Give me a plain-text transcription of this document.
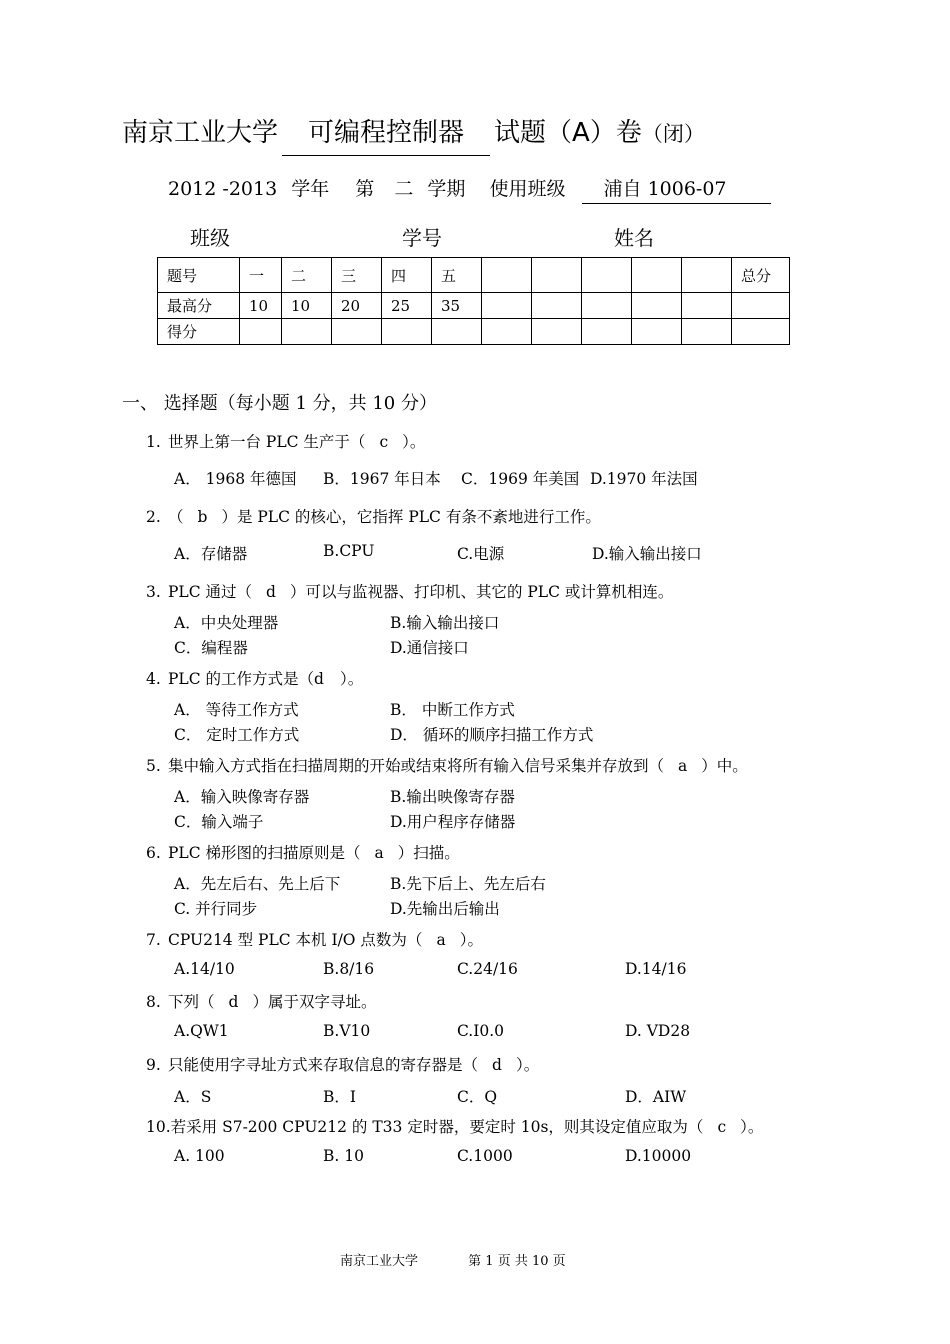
南京工业大学 可编程控制器 试题（A）卷（闭）
2012 -2013 学年 第 二 学期 使用班级 浦自 1006-07
班级	学号	姓名
题号	一	二	三	四	五						总分
最高分	10	10	20	25	35						
得分											
一、 选择题（每小题 1 分，共 10 分）
1. 世界上第一台 PLC 生产于（ c ）。
A． 1968 年德国 B．1967 年日本 C．1969 年美国 D.1970 年法国
2. （ b ）是 PLC 的核心，它指挥 PLC 有条不紊地进行工作。
A．存储器	B.CPU	C.电源	D.输入输出接口
3. PLC 通过（ d ）可以与监视器、打印机、其它的 PLC 或计算机相连。
A．中央处理器	B.输入输出接口
C．编程器	D.通信接口
4. PLC 的工作方式是（d ）。
A． 等待工作方式	B． 中断工作方式
C． 定时工作方式	D． 循环的顺序扫描工作方式
5. 集中输入方式指在扫描周期的开始或结束将所有输入信号采集并存放到（ a ）中。
A．输入映像寄存器	B.输出映像寄存器
C．输入端子	D.用户程序存储器
6. PLC 梯形图的扫描原则是（ a ）扫描。
A．先左后右、先上后下	B.先下后上、先左后右
C. 并行同步	D.先输出后输出
7. CPU214 型 PLC 本机 I/O 点数为（ a ）。
A.14/10	B.8/16	C.24/16	D.14/16
8. 下列（ d ）属于双字寻址。
A.QW1	B.V10	C.I0.0	D. VD28
9. 只能使用字寻址方式来存取信息的寄存器是（ d ）。
A．S	B．I	C．Q	D．AIW
10.若采用 S7-200 CPU212 的 T33 定时器，要定时 10s，则其设定值应取为（ c ）。
A. 100	B. 10	C.1000	D.10000
南京工业大学	第 1 页 共 10 页
